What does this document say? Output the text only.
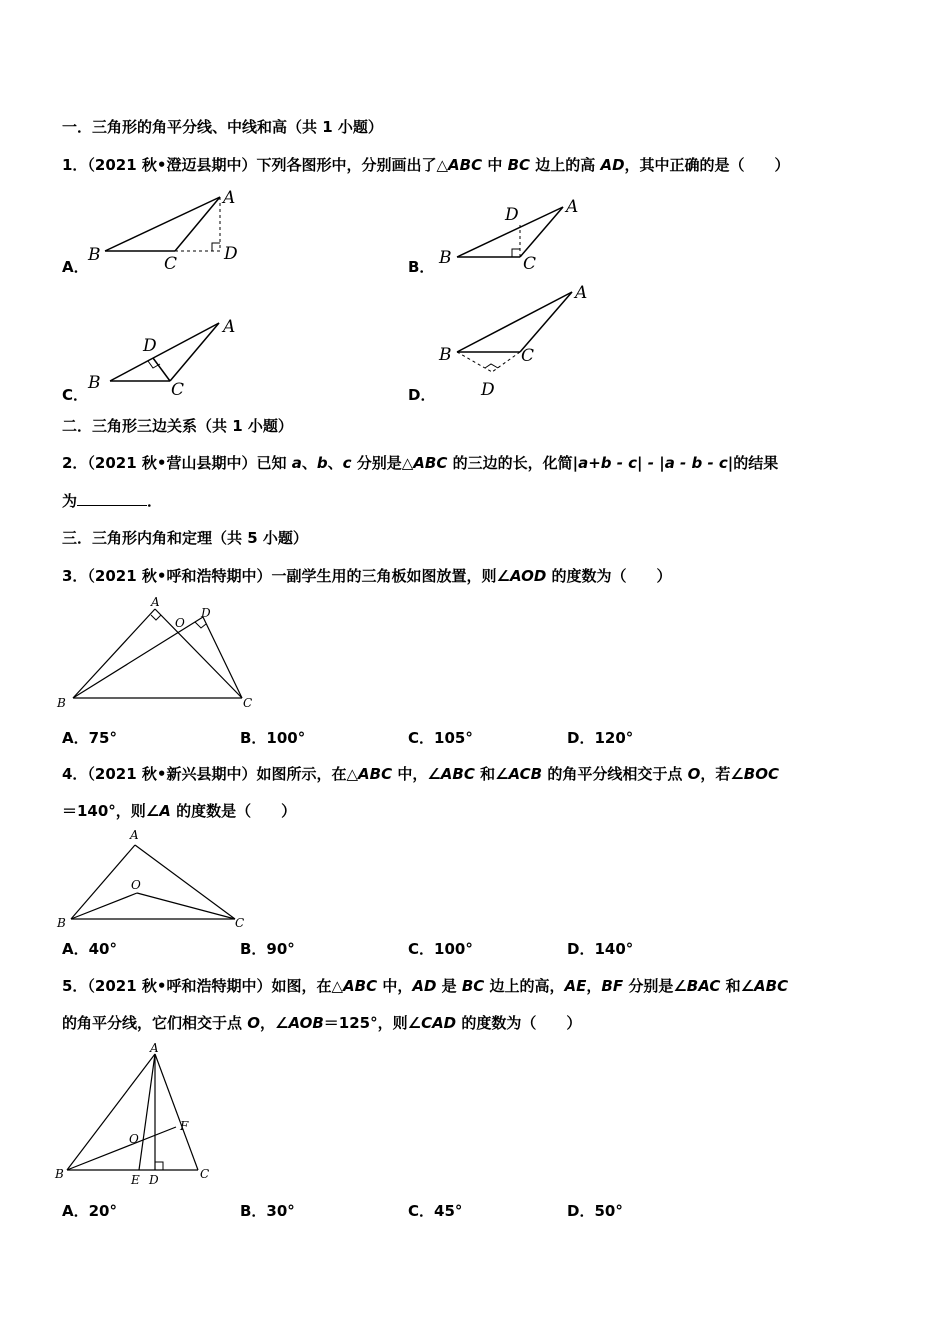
一．三角形的角平分线、中线和高（共 1 小题）
1．（2021 秋•澄迈县期中）下列各图形中，分别画出了△ABC 中 BC 边上的高 AD，其中正确的是（　　）
A．
A
B	C	D
B．
A
B	C
D
C．
A
B	C
D
D．
A
B	C
D
二．三角形三边关系（共 1 小题）
2．（2021 秋•营山县期中）已知 a、b、c 分别是△ABC 的三边的长，化简|a+b - c| - |a - b - c|的结果
为	．
三．三角形内角和定理（共 5 小题）
3．（2021 秋•呼和浩特期中）一副学生用的三角板如图放置，则∠AOD 的度数为（　　）
A
B	C
D
O
A．75°	B．100°	C．105°	D．120°
4．（2021 秋•新兴县期中）如图所示，在△ABC 中，∠ABC 和∠ACB 的角平分线相交于点 O，若∠BOC
＝140°，则∠A 的度数是（　　）
A
B	C
O
A．40°	B．90°	C．100°	D．140°
5．（2021 秋•呼和浩特期中）如图，在△ABC 中，AD 是 BC 边上的高，AE，BF 分别是∠BAC 和∠ABC
的角平分线，它们相交于点 O，∠AOB＝125°，则∠CAD 的度数为（　　）
A
B	C
D
E
F
O
A．20°	B．30°	C．45°	D．50°
